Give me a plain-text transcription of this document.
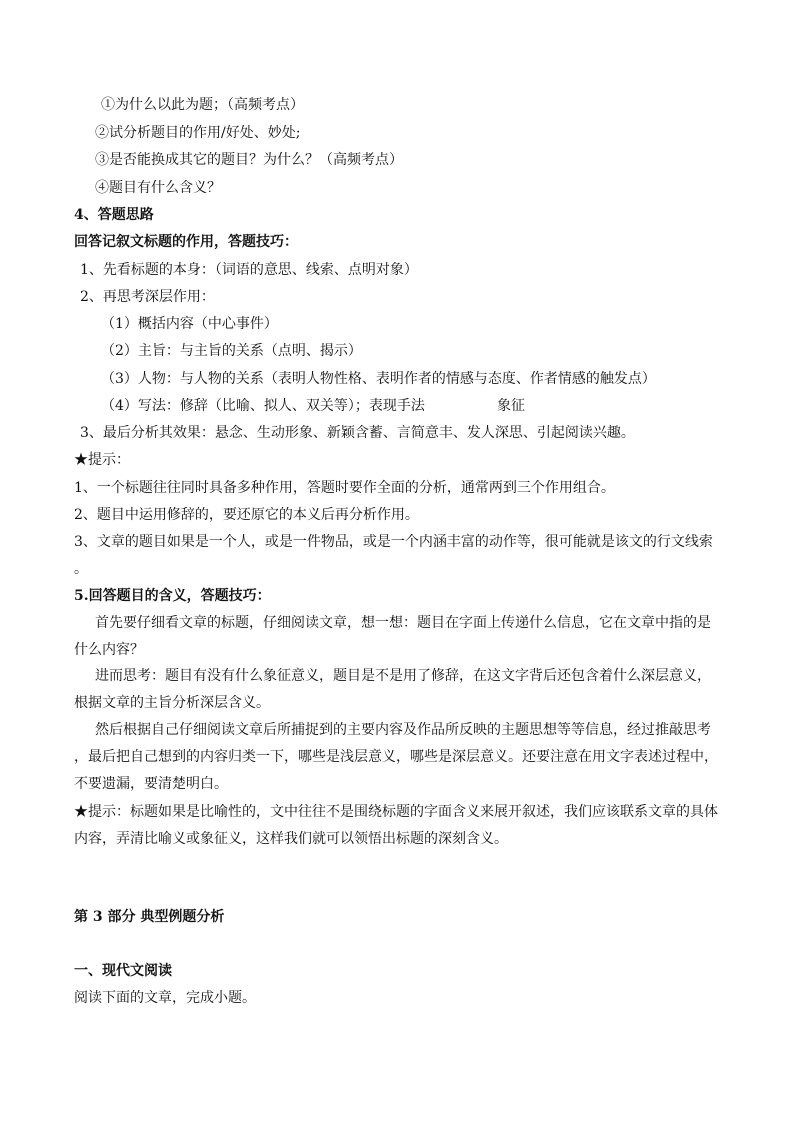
①为什么以此为题；（高频考点）
②试分析题目的作用/好处、妙处;
③是否能换成其它的题目？为什么？（高频考点）
④题目有什么含义？
4、答题思路
回答记叙文标题的作用，答题技巧：
1、先看标题的本身：（词语的意思、线索、点明对象）
2、再思考深层作用：
（1）概括内容（中心事件）
（2）主旨：与主旨的关系（点明、揭示）
（3）人物：与人物的关系（表明人物性格、表明作者的情感与态度、作者情感的触发点）
（4）写法：修辞（比喻、拟人、双关等）；表现手法	象征
3、最后分析其效果：悬念、生动形象、新颖含蓄、言简意丰、发人深思、引起阅读兴趣。
★提示：
1、一个标题往往同时具备多种作用，答题时要作全面的分析，通常两到三个作用组合。
2、题目中运用修辞的，要还原它的本义后再分析作用。
3、文章的题目如果是一个人，或是一件物品，或是一个内涵丰富的动作等，很可能就是该文的行文线索
。
5.回答题目的含义，答题技巧：
首先要仔细看文章的标题，仔细阅读文章，想一想：题目在字面上传递什么信息，它在文章中指的是
什么内容？
进而思考：题目有没有什么象征意义，题目是不是用了修辞，在这文字背后还包含着什么深层意义，
根据文章的主旨分析深层含义。
然后根据自己仔细阅读文章后所捕捉到的主要内容及作品所反映的主题思想等等信息，经过推敲思考
，最后把自己想到的内容归类一下，哪些是浅层意义，哪些是深层意义。还要注意在用文字表述过程中，
不要遗漏，要清楚明白。
★提示：标题如果是比喻性的，文中往往不是围绕标题的字面含义来展开叙述，我们应该联系文章的具体
内容，弄清比喻义或象征义，这样我们就可以领悟出标题的深刻含义。
第 3 部分 典型例题分析
一、现代文阅读
阅读下面的文章，完成小题。
